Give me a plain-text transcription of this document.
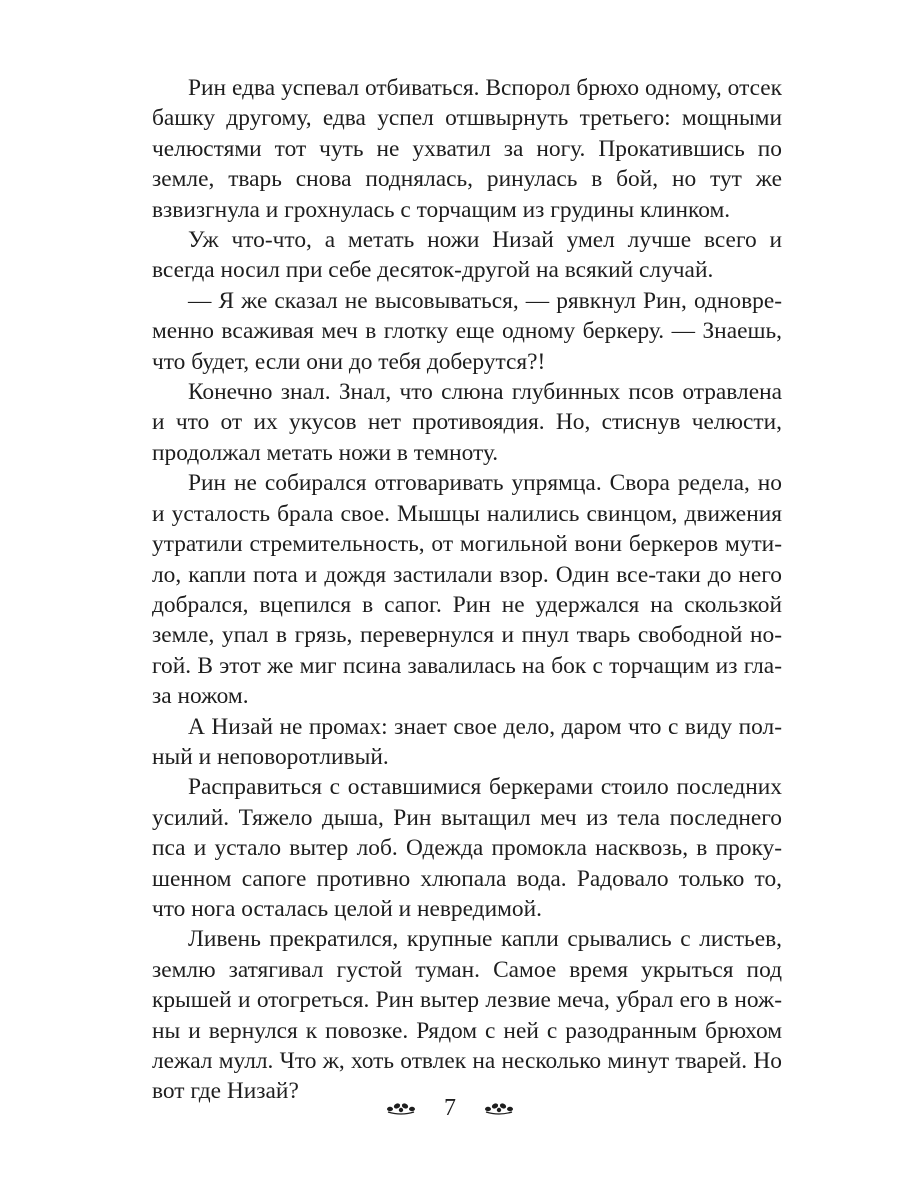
Рин едва успевал отбиваться. Вспорол брюхо одному, отсек башку другому, едва успел отшвырнуть третьего: мощными челюстями тот чуть не ухватил за ногу. Прокатившись по земле, тварь снова поднялась, ринулась в бой, но тут же взвизгнула и грохнулась с торчащим из грудины клинком.

Уж что-что, а метать ножи Низай умел лучше всего и всегда носил при себе десяток-другой на всякий случай.

— Я же сказал не высовываться, — рявкнул Рин, одновременно всаживая меч в глотку еще одному беркеру. — Знаешь, что будет, если они до тебя доберутся?!

Конечно знал. Знал, что слюна глубинных псов отравлена и что от их укусов нет противоядия. Но, стиснув челюсти, продолжал метать ножи в темноту.

Рин не собирался отговаривать упрямца. Свора редела, но и усталость брала свое. Мышцы налились свинцом, движения утратили стремительность, от могильной вони беркеров мутило, капли пота и дождя застилали взор. Один все-таки до него добрался, вцепился в сапог. Рин не удержался на скользкой земле, упал в грязь, перевернулся и пнул тварь свободной ногой. В этот же миг псина завалилась на бок с торчащим из глаза ножом.

А Низай не промах: знает свое дело, даром что с виду полный и неповоротливый.

Расправиться с оставшимися беркерами стоило последних усилий. Тяжело дыша, Рин вытащил меч из тела последнего пса и устало вытер лоб. Одежда промокла насквозь, в прокушенном сапоге противно хлюпала вода. Радовало только то, что нога осталась целой и невредимой.

Ливень прекратился, крупные капли срывались с листьев, землю затягивал густой туман. Самое время укрыться под крышей и отогреться. Рин вытер лезвие меча, убрал его в ножны и вернулся к повозке. Рядом с ней с разодранным брюхом лежал мулл. Что ж, хоть отвлек на несколько минут тварей. Но вот где Низай?

7
